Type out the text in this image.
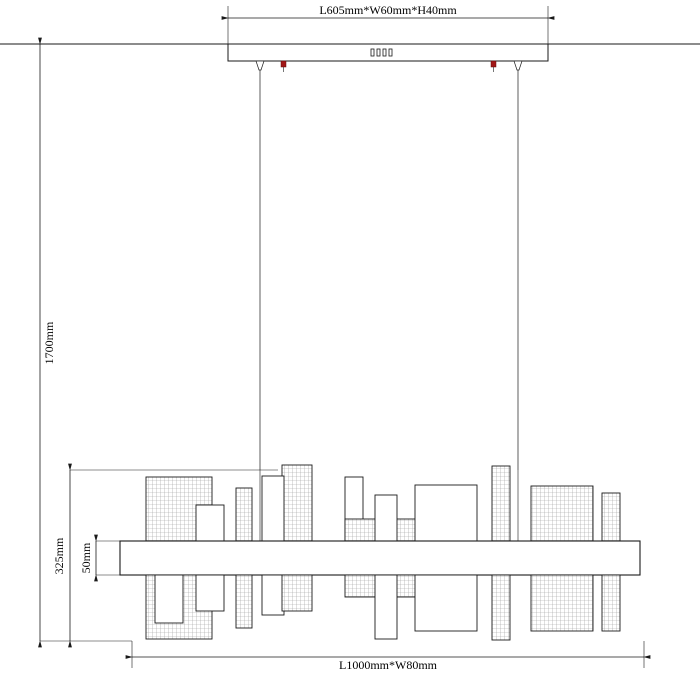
L605mm*W60mm*H40mm
1700mm
325mm 50mm
L1000mm*W80mm
